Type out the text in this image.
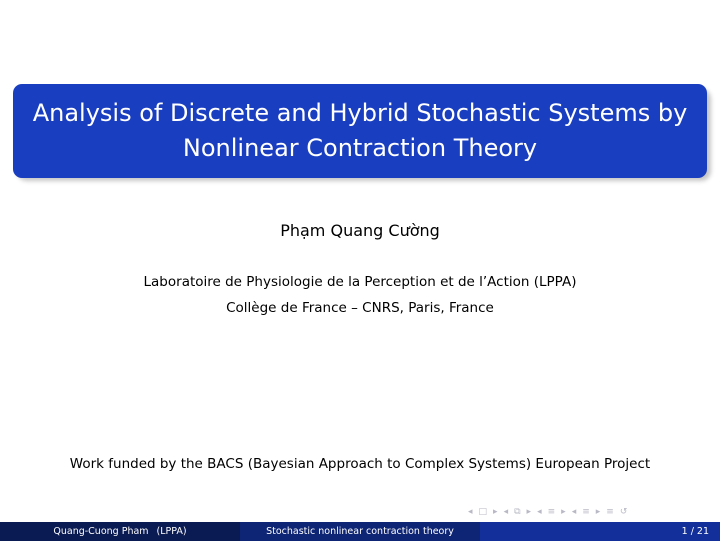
Analysis of Discrete and Hybrid Stochastic Systems by
Nonlinear Contraction Theory
Phạm Quang Cường
Laboratoire de Physiologie de la Perception et de l’Action (LPPA)
Collège de France – CNRS, Paris, France
Work funded by the BACS (Bayesian Approach to Complex Systems) European Project
◂ □ ▸ ◂ ⧉ ▸ ◂ ≡ ▸ ◂ ≡ ▸ ≡ ↺
Quang-Cuong Pham (LPPA)	Stochastic nonlinear contraction theory	1 / 21
